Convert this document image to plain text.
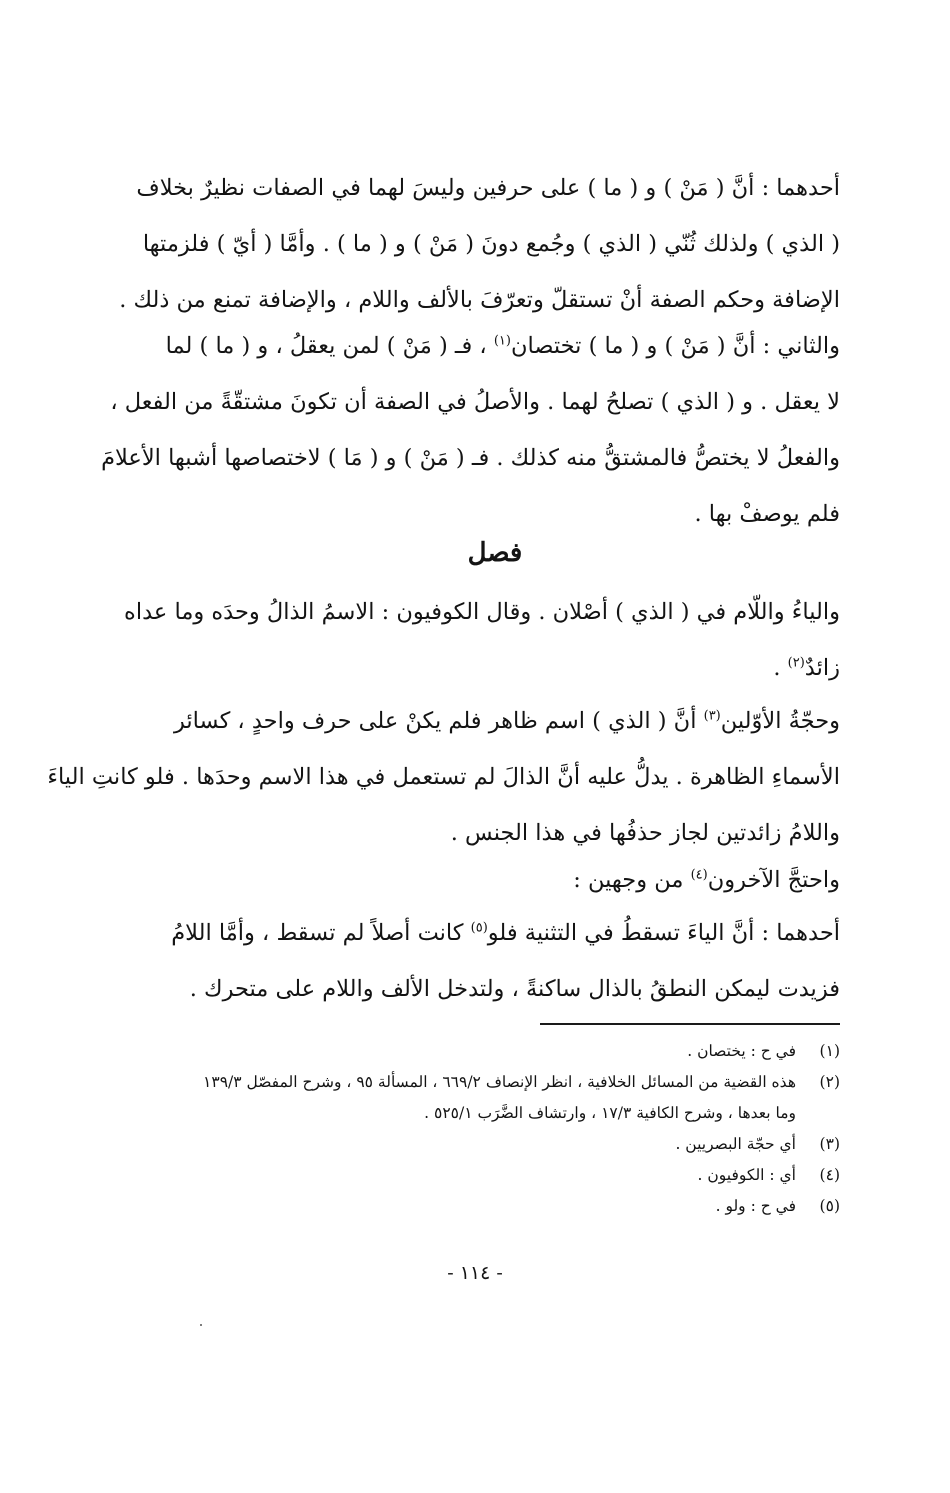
أحدهما : أنَّ ( مَنْ ) و ( ما ) على حرفين وليسَ لهما في الصفات نظيرٌ بخلاف
( الذي ) ولذلك ثُنّي ( الذي ) وجُمع دونَ ( مَنْ ) و ( ما ) . وأمَّا ( أيّ ) فلزمتها
الإضافة وحكم الصفة أنْ تستقلّ وتعرّفَ بالألف واللام ، والإضافة تمنع من ذلك .

والثاني : أنَّ ( مَنْ ) و ( ما ) تختصان$^{(١)}$ ، فـ ( مَنْ ) لمن يعقلُ ، و ( ما ) لما
لا يعقل . و ( الذي ) تصلحُ لهما . والأصلُ في الصفة أن تكونَ مشتقّةً من الفعل ،
والفعلُ لا يختصُّ فالمشتقُّ منه كذلك . فـ ( مَنْ ) و ( مَا ) لاختصاصها أشبها الأعلامَ
فلم يوصفْ بها .

فصل

والياءُ واللّام في ( الذي ) أصْلان . وقال الكوفيون : الاسمُ الذالُ وحدَه وما عداه
زائدٌ$^{(٢)}$ .

وحجّةُ الأوّلين$^{(٣)}$ أنَّ ( الذي ) اسم ظاهر فلم يكنْ على حرف واحدٍ ، كسائر
الأسماءِ الظاهرة . يدلُّ عليه أنَّ الذالَ لم تستعمل في هذا الاسم وحدَها . فلو كانتِ الياءَ
واللامُ زائدتين لجاز حذفُها في هذا الجنس .

واحتجَّ الآخرون$^{(٤)}$ من وجهين :

أحدهما : أنَّ الياءَ تسقطُ في التثنية فلو$^{(٥)}$ كانت أصلاً لم تسقط ، وأمَّا اللامُ
فزيدت ليمكن النطقُ بالذال ساكنةً ، ولتدخل الألف واللام على متحرك .

(١)
في ح : يختصان .
(٢)
هذه القضية من المسائل الخلافية ، انظر الإنصاف ٦٦٩/٢ ، المسألة ٩٥ ، وشرح المفصّل ١٣٩/٣
وما بعدها ، وشرح الكافية ١٧/٣ ، وارتشاف الضَّرَب ٥٢٥/١ .
(٣)
أي حجّة البصريين .
(٤)
أي : الكوفيون .
(٥)
في ح : ولو .
- ١١٤ -
